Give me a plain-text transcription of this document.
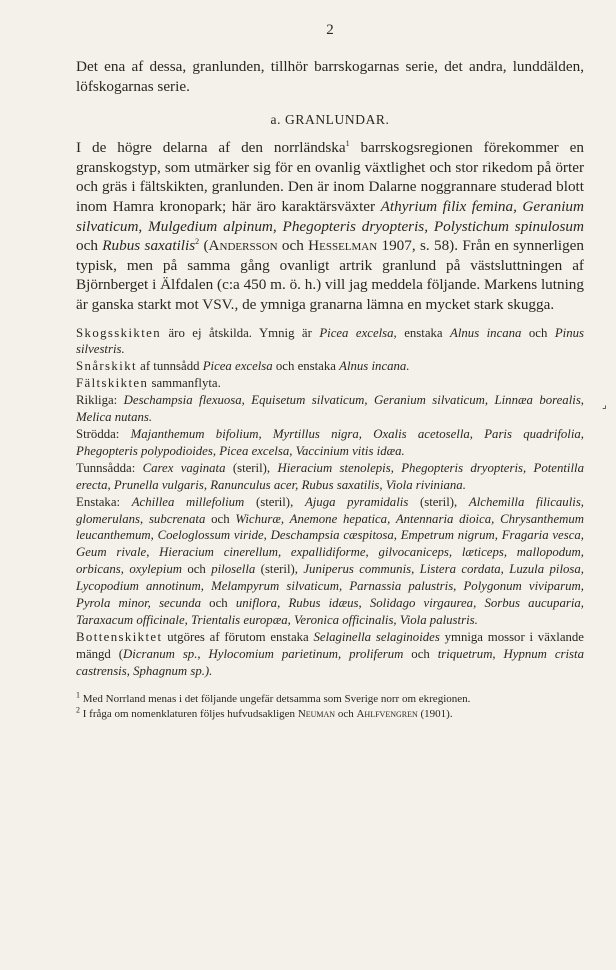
2

Det ena af dessa, granlunden, tillhör barrskogarnas serie, det andra, lunddälden, löfskogarnas serie.

a. GRANLUNDAR.

I de högre delarna af den norrländska$^1$ barrskogsregionen förekommer en granskogstyp, som utmärker sig för en ovanlig växtlighet och stor rikedom på örter och gräs i fältskikten, granlunden. Den är inom Dalarne noggrannare studerad blott inom Hamra kronopark; här äro karaktärsväxter Athyrium filix femina, Geranium silvaticum, Mulgedium alpinum, Phegopteris dryopteris, Polystichum spinulosum och Rubus saxatilis$^2$ (Andersson och Hesselman 1907, s. 58). Från en synnerligen typisk, men på samma gång ovanligt artrik granlund på västsluttningen af Björnberget i Älfdalen (c:a 450 m. ö. h.) vill jag meddela följande. Markens lutning är ganska starkt mot VSV., de ymniga granarna lämna en mycket stark skugga.

Skogsskikten äro ej åtskilda. Ymnig är Picea excelsa, enstaka Alnus incana och Pinus silvestris.

Snårskikt af tunnsådd Picea excelsa och enstaka Alnus incana.

Fältskikten sammanflyta.

Rikliga: Deschampsia flexuosa, Equisetum silvaticum, Geranium silvaticum, Linnæa borealis, Melica nutans.

Strödda: Majanthemum bifolium, Myrtillus nigra, Oxalis acetosella, Paris quadrifolia, Phegopteris polypodioides, Picea excelsa, Vaccinium vitis idæa.

Tunnsådda: Carex vaginata (steril), Hieracium stenolepis, Phegopteris dryopteris, Potentilla erecta, Prunella vulgaris, Ranunculus acer, Rubus saxatilis, Viola riviniana.

Enstaka: Achillea millefolium (steril), Ajuga pyramidalis (steril), Alchemilla filicaulis, glomerulans, subcrenata och Wichuræ, Anemone hepatica, Antennaria dioica, Chrysanthemum leucanthemum, Coeloglossum viride, Deschampsia cæspitosa, Empetrum nigrum, Fragaria vesca, Geum rivale, Hieracium cinerellum, expallidiforme, gilvocaniceps, læticeps, mallopodum, orbicans, oxylepium och pilosella (steril), Juniperus communis, Listera cordata, Luzula pilosa, Lycopodium annotinum, Melampyrum silvaticum, Parnassia palustris, Polygonum viviparum, Pyrola minor, secunda och uniflora, Rubus idæus, Solidago virgaurea, Sorbus aucuparia, Taraxacum officinale, Trientalis europæa, Veronica officinalis, Viola palustris.

Bottenskiktet utgöres af förutom enstaka Selaginella selaginoides ymniga mossor i växlande mängd (Dicranum sp., Hylocomium parietinum, proliferum och triquetrum, Hypnum crista castrensis, Sphagnum sp.).

$^1$ Med Norrland menas i det följande ungefär detsamma som Sverige norr om ekregionen.

$^2$ I fråga om nomenklaturen följes hufvudsakligen Neuman och Ahlfvengren (1901).

⌟
